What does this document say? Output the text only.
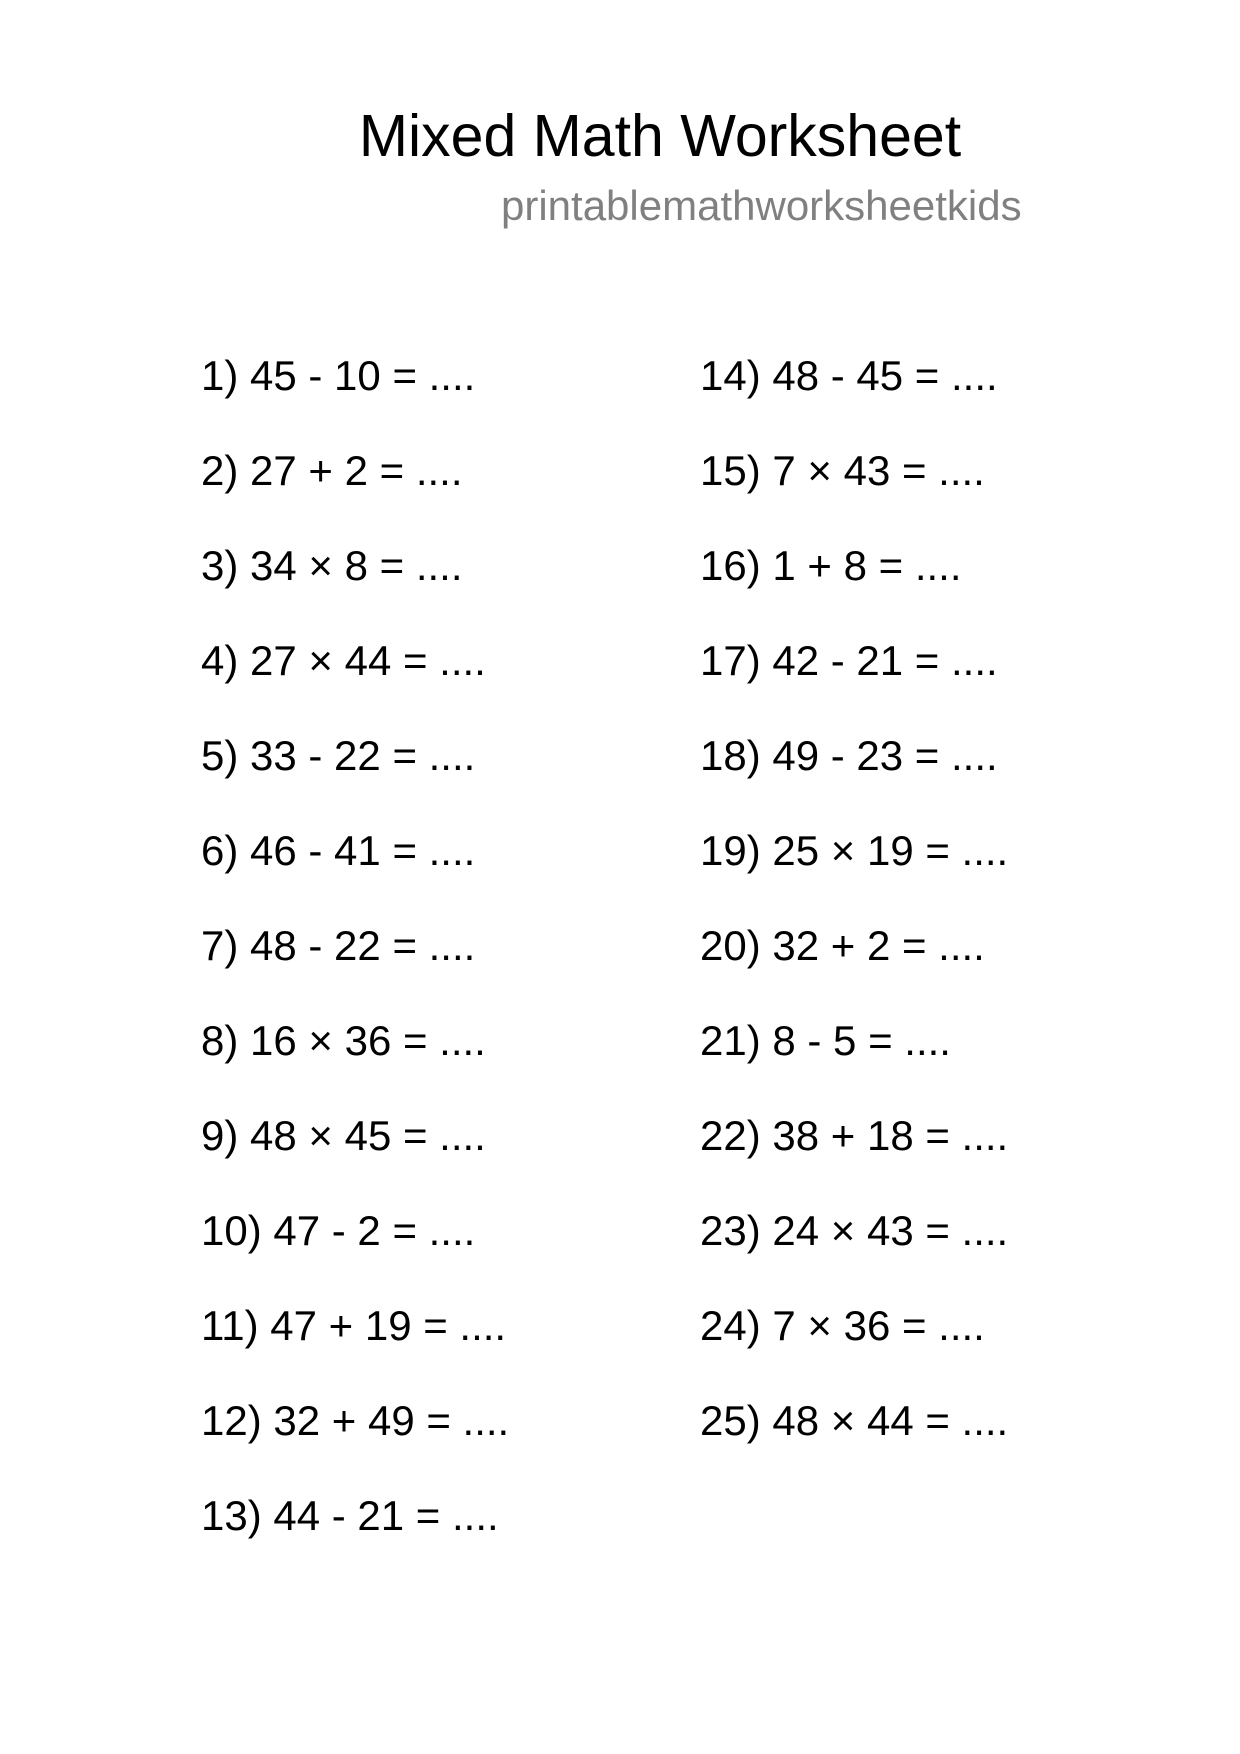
Mixed Math Worksheet
printablemathworksheetkids
1) 45 - 10 = ....
2) 27 + 2 = ....
3) 34 × 8 = ....
4) 27 × 44 = ....
5) 33 - 22 = ....
6) 46 - 41 = ....
7) 48 - 22 = ....
8) 16 × 36 = ....
9) 48 × 45 = ....
10) 47 - 2 = ....
11) 47 + 19 = ....
12) 32 + 49 = ....
13) 44 - 21 = ....
14) 48 - 45 = ....
15) 7 × 43 = ....
16) 1 + 8 = ....
17) 42 - 21 = ....
18) 49 - 23 = ....
19) 25 × 19 = ....
20) 32 + 2 = ....
21) 8 - 5 = ....
22) 38 + 18 = ....
23) 24 × 43 = ....
24) 7 × 36 = ....
25) 48 × 44 = ....
